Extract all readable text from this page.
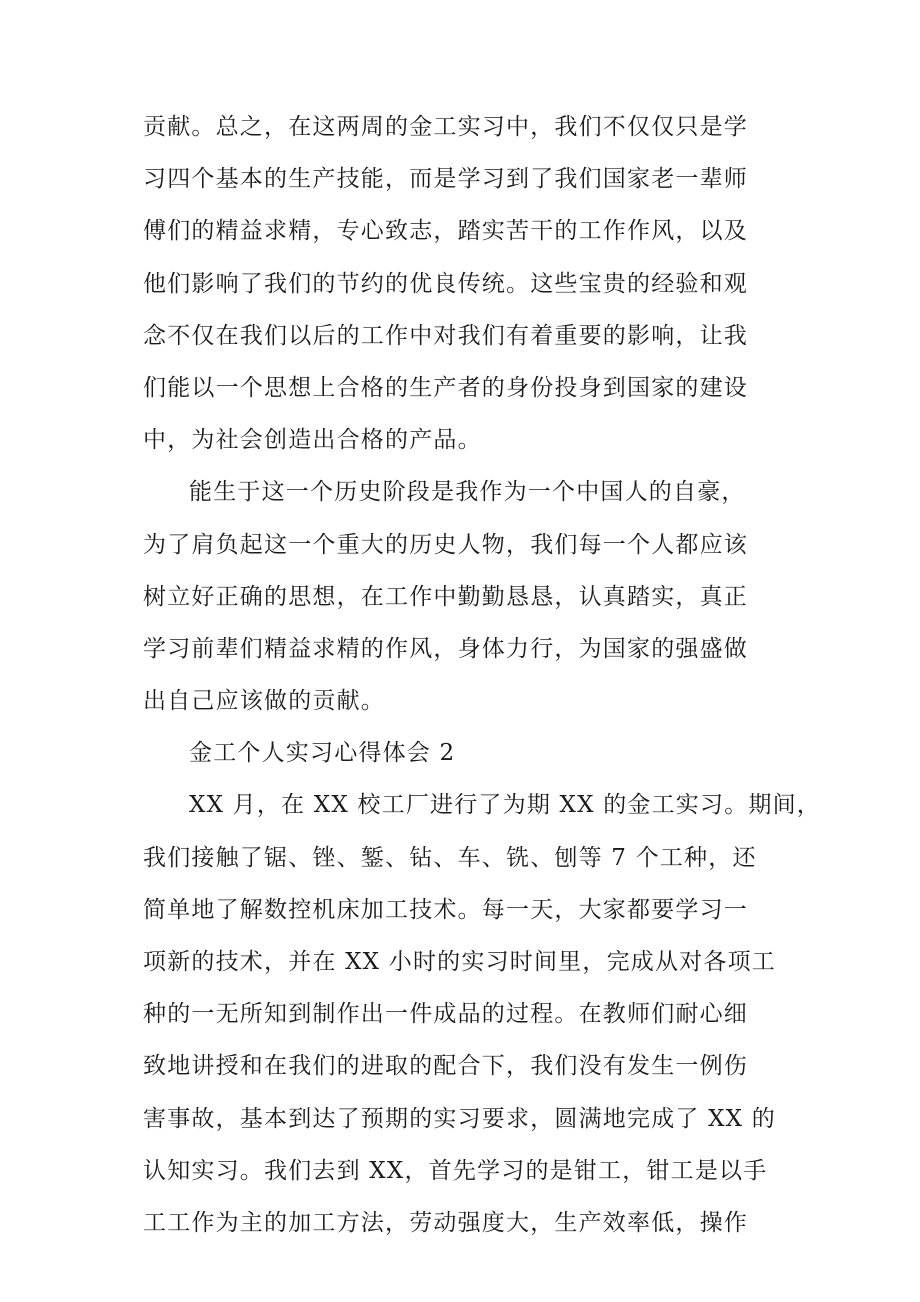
贡献。总之，在这两周的金工实习中，我们不仅仅只是学
习四个基本的生产技能，而是学习到了我们国家老一辈师
傅们的精益求精，专心致志，踏实苦干的工作作风，以及
他们影响了我们的节约的优良传统。这些宝贵的经验和观
念不仅在我们以后的工作中对我们有着重要的影响，让我
们能以一个思想上合格的生产者的身份投身到国家的建设
中，为社会创造出合格的产品。
能生于这一个历史阶段是我作为一个中国人的自豪，
为了肩负起这一个重大的历史人物，我们每一个人都应该
树立好正确的思想，在工作中勤勤恳恳，认真踏实，真正
学习前辈们精益求精的作风，身体力行，为国家的强盛做
出自己应该做的贡献。
金工个人实习心得体会 2
XX 月，在 XX 校工厂进行了为期 XX 的金工实习。期间，
我们接触了锯、锉、錾、钻、车、铣、刨等 7 个工种，还
简单地了解数控机床加工技术。每一天，大家都要学习一
项新的技术，并在 XX 小时的实习时间里，完成从对各项工
种的一无所知到制作出一件成品的过程。在教师们耐心细
致地讲授和在我们的进取的配合下，我们没有发生一例伤
害事故，基本到达了预期的实习要求，圆满地完成了 XX 的
认知实习。我们去到 XX，首先学习的是钳工，钳工是以手
工工作为主的加工方法，劳动强度大，生产效率低，操作
